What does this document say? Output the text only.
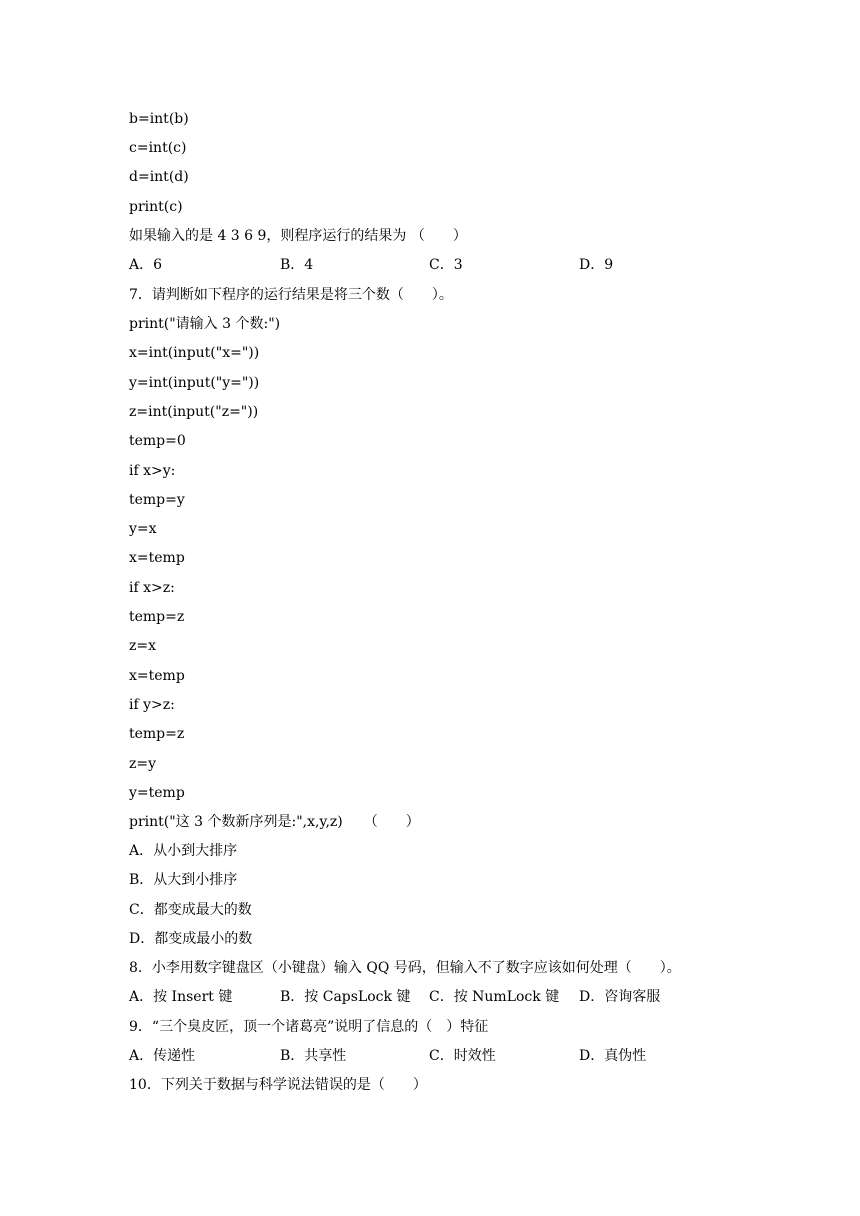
b=int(b)
c=int(c)
d=int(d)
print(c)
如果输入的是 4 3 6 9，则程序运行的结果为 （　　）
A．6	B．4	C．3	D．9
7．请判断如下程序的运行结果是将三个数（　　）。
print("请输入 3 个数:")
x=int(input("x="))
y=int(input("y="))
z=int(input("z="))
temp=0
if x>y:
temp=y
y=x
x=temp
if x>z:
temp=z
z=x
x=temp
if y>z:
temp=z
z=y
y=temp
print("这 3 个数新序列是:",x,y,z)　　（　　）
A．从小到大排序
B．从大到小排序
C．都变成最大的数
D．都变成最小的数
8．小李用数字键盘区（小键盘）输入 QQ 号码，但输入不了数字应该如何处理（　　）。
A．按 Insert 键	B．按 CapsLock 键 C．按 NumLock 键 D．咨询客服
9．“三个臭皮匠，顶一个诸葛亮”说明了信息的（　）特征
A．传递性	B．共享性	C．时效性	D．真伪性
10．下列关于数据与科学说法错误的是（　　）
